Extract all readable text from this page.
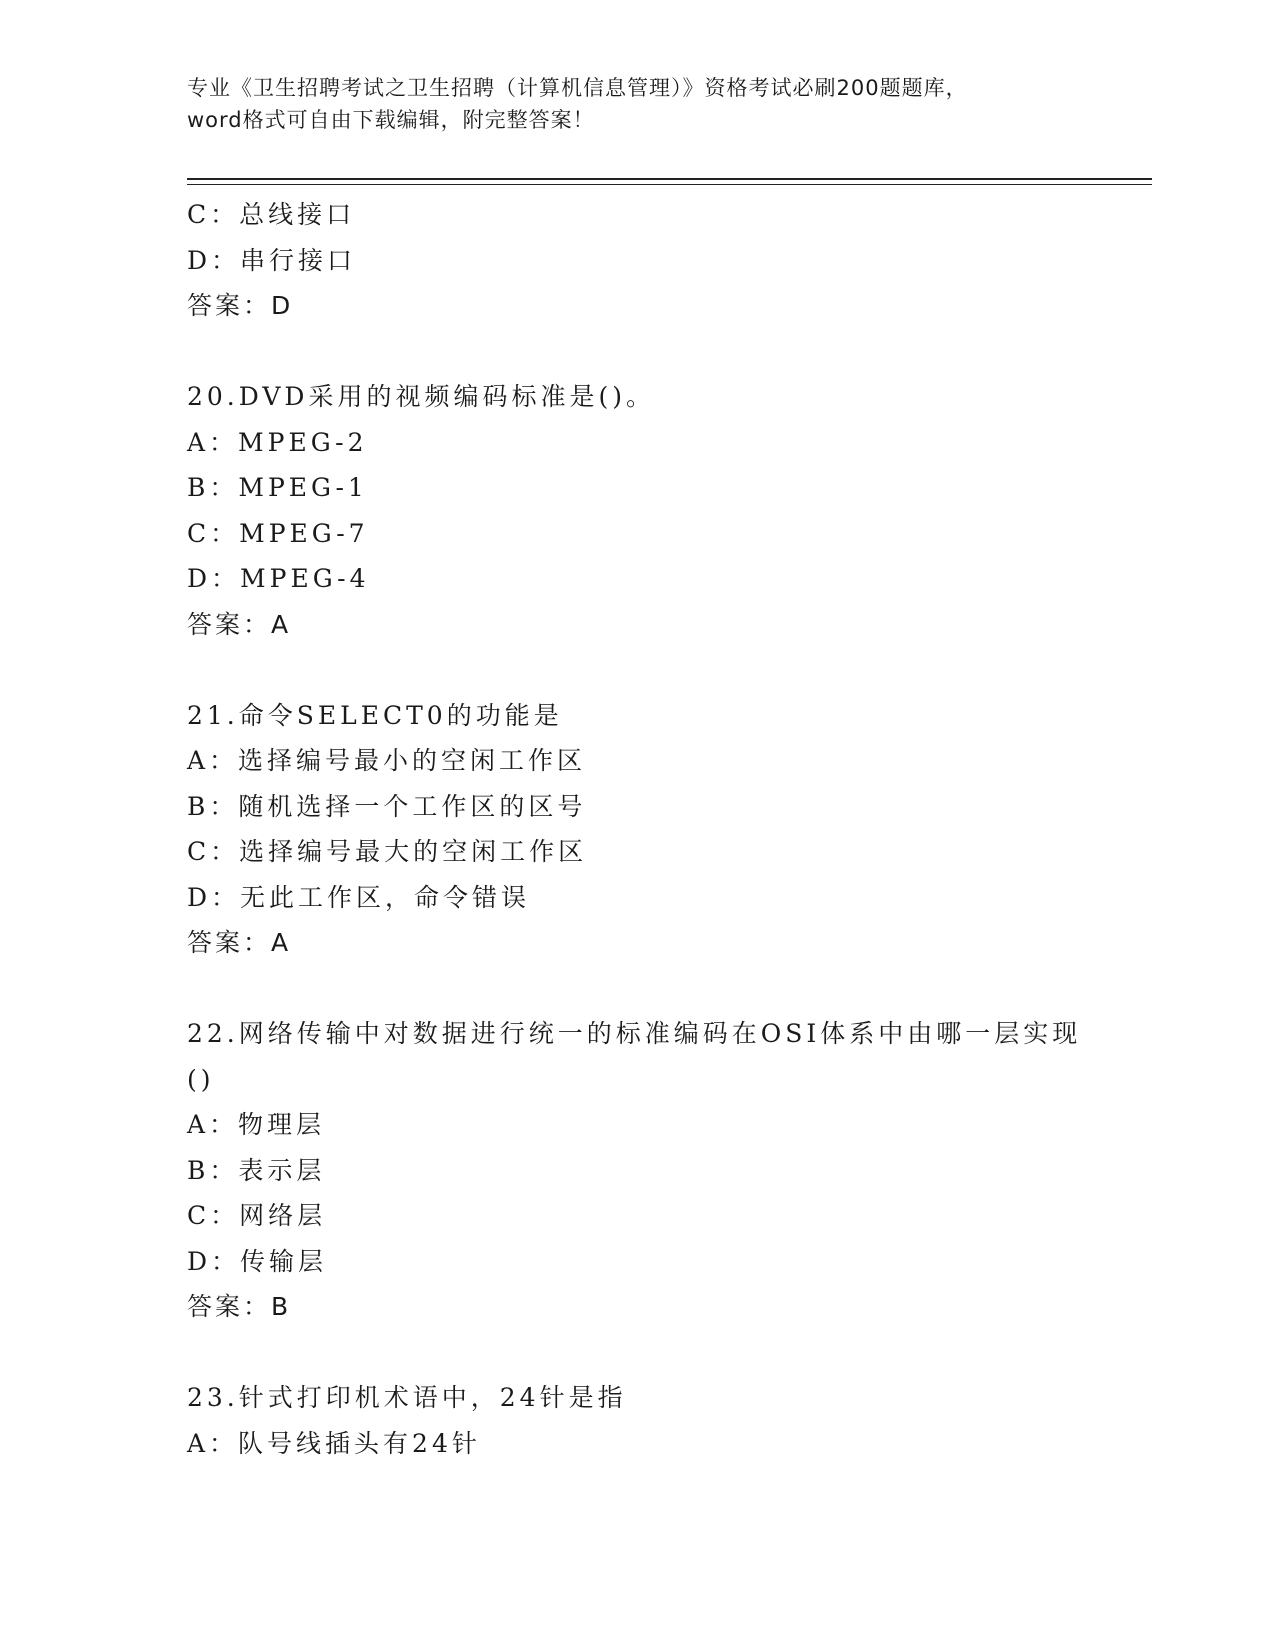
专业《卫生招聘考试之卫生招聘（计算机信息管理）》资格考试必刷200题题库，
word格式可自由下载编辑，附完整答案！
C：总线接口
D：串行接口
答案：D
20.DVD采用的视频编码标准是()。
A：MPEG-2
B：MPEG-1
C：MPEG-7
D：MPEG-4
答案：A
21.命令SELECT0的功能是
A：选择编号最小的空闲工作区
B：随机选择一个工作区的区号
C：选择编号最大的空闲工作区
D：无此工作区，命令错误
答案：A
22.网络传输中对数据进行统一的标准编码在OSI体系中由哪一层实现
()
A：物理层
B：表示层
C：网络层
D：传输层
答案：B
23.针式打印机术语中，24针是指
A：队号线插头有24针
